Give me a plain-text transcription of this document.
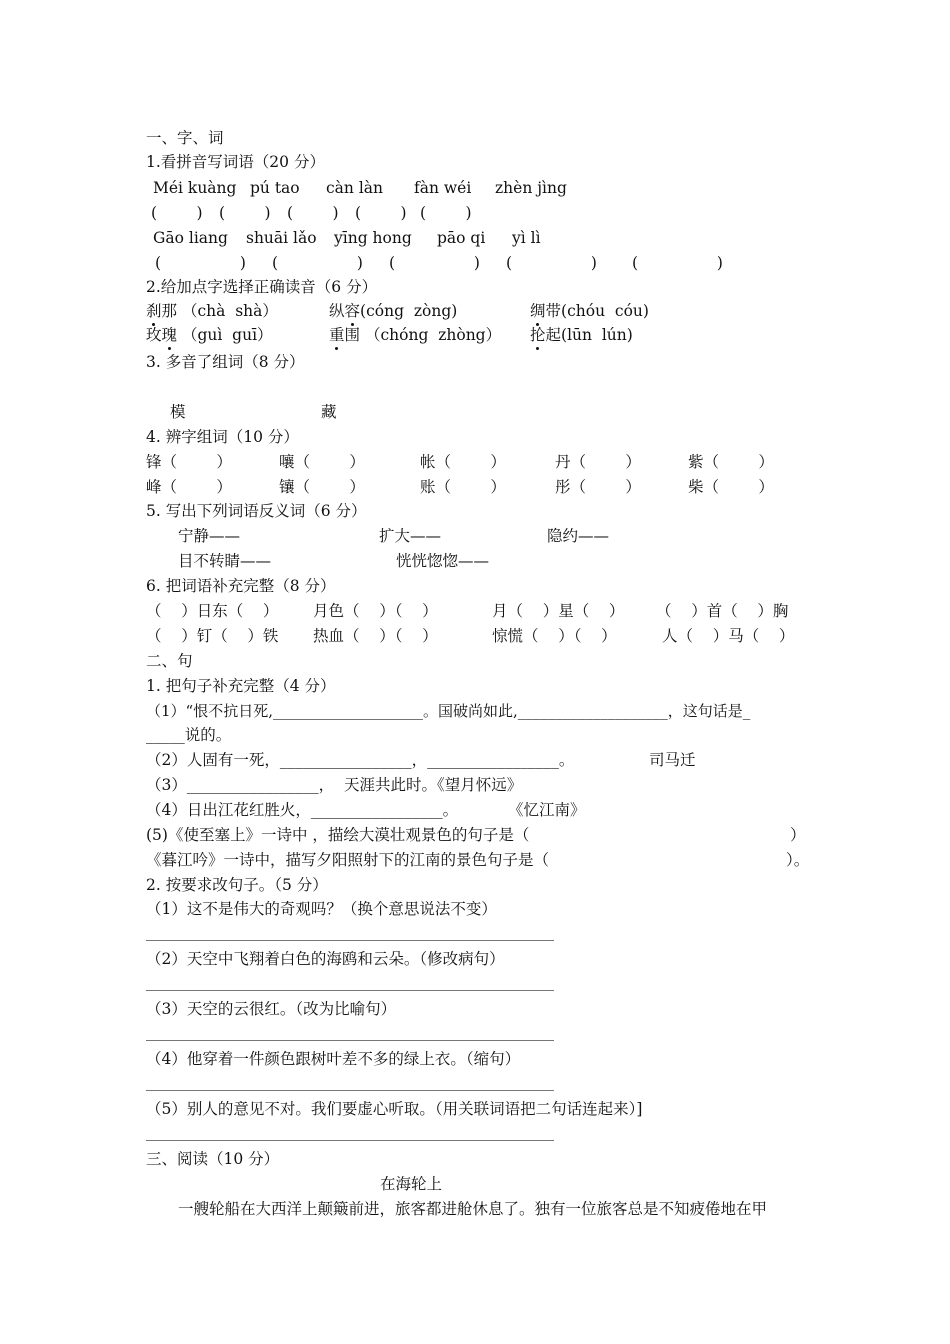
一、字、词
1.看拼音写词语（20 分）
Méi kuàng pú tao càn làn fàn wéi zhèn jìng
(        ) (        ) (        ) (        ) (        )
Gāo liang shuāi lǎo yīng hong pāo qi yì lì
(                ) (                ) (                ) (                ) (                )
2.给加点字选择正确读音（6 分）
刹那 （chà  shà）	纵容(cóng  zòng)	绸带(chóu  cóu)
玫瑰 （guì  guī）	重围 （chóng  zhòng） 抡起(lūn  lún)
3. 多音了组词（8 分）
模	藏
4. 辨字组词（10 分）
锋（        ）	嚷（        ）	帐（        ）	丹（        ）	紫（        ）
峰（        ）	镶（        ）	账（        ）	彤（        ）	柴（        ）
5. 写出下列词语反义词（6 分）
宁静——	扩大——	隐约——
目不转睛——	恍恍惚惚——
6. 把词语补充完整（8 分）
（    ）日东（    ） 月色（    ）（    ）	月（    ）星（    ） （    ）首（    ）胸
（    ）钉（    ）铁 热血（    ）（    ）	惊慌（    ）（    ）	人（    ）马（    ）
二、句
1. 把句子补充完整（4 分）
（1）“恨不抗日死,____________________。国破尚如此,____________________，这句话是_
_____说的。
（2）人固有一死，_________________，_________________。	司马迁
（3）_________________，  天涯共此时。《望月怀远》
（4）日出江花红胜火，_________________。	《忆江南》
(5)《使至塞上》一诗中 ，描绘大漠壮观景色的句子是（	）
《暮江吟》一诗中，描写夕阳照射下的江南的景色句子是（	）。
2. 按要求改句子。（5 分）
（1）这不是伟大的奇观吗？（换个意思说法不变）
（2）天空中飞翔着白色的海鸥和云朵。（修改病句）
（3）天空的云很红。（改为比喻句）
（4）他穿着一件颜色跟树叶差不多的绿上衣。（缩句）
（5）别人的意见不对。我们要虚心听取。（用关联词语把二句话连起来）]
三、阅读（10 分）
在海轮上
一艘轮船在大西洋上颠簸前进，旅客都进舱休息了。独有一位旅客总是不知疲倦地在甲
